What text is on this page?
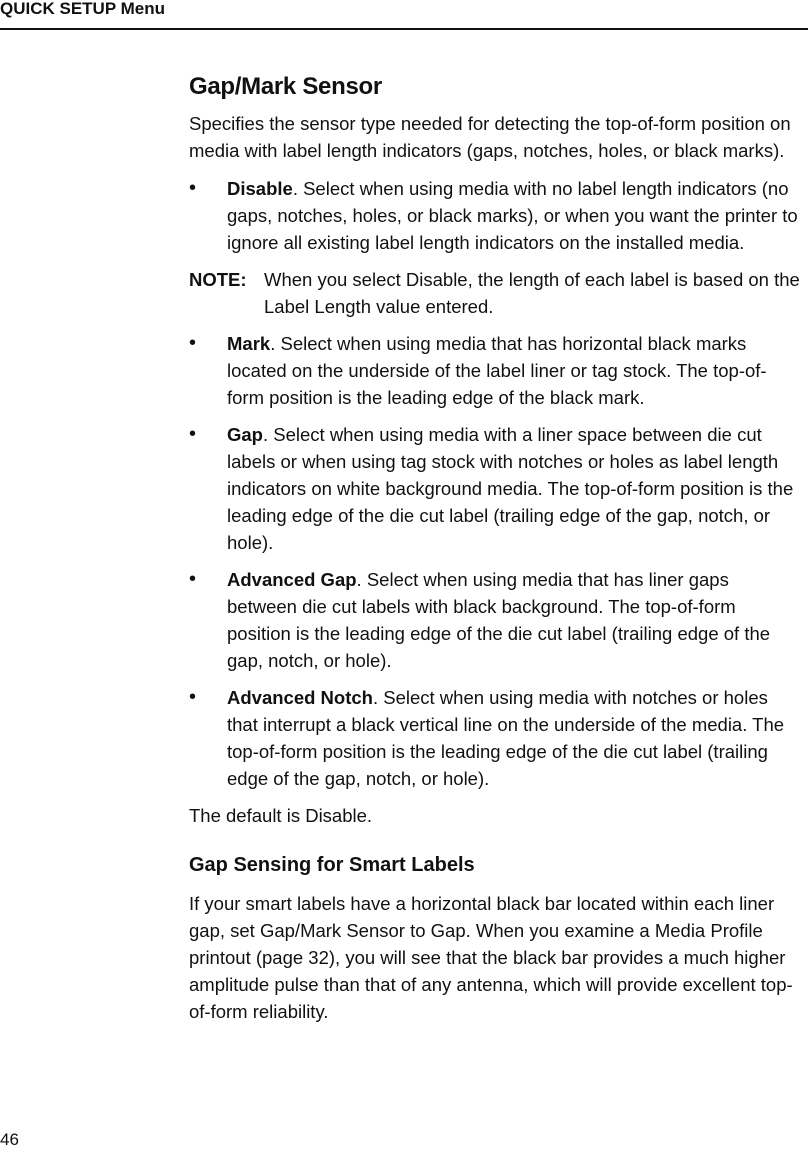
QUICK SETUP Menu
Gap/Mark Sensor

Specifies the sensor type needed for detecting the top-of-form position on media with label length indicators (gaps, notches, holes, or black marks).

• Disable. Select when using media with no label length indicators (no gaps, notches, holes, or black marks), or when you want the printer to ignore all existing label length indicators on the installed media.
NOTE: When you select Disable, the length of each label is based on the Label Length value entered.
• Mark. Select when using media that has horizontal black marks located on the underside of the label liner or tag stock. The top-of-form position is the leading edge of the black mark.
• Gap. Select when using media with a liner space between die cut labels or when using tag stock with notches or holes as label length indicators on white background media. The top-of-form position is the leading edge of the die cut label (trailing edge of the gap, notch, or hole).
• Advanced Gap. Select when using media that has liner gaps between die cut labels with black background. The top-of-form position is the leading edge of the die cut label (trailing edge of the gap, notch, or hole).
• Advanced Notch. Select when using media with notches or holes that interrupt a black vertical line on the underside of the media. The top-of-form position is the leading edge of the die cut label (trailing edge of the gap, notch, or hole).

The default is Disable.

Gap Sensing for Smart Labels

If your smart labels have a horizontal black bar located within each liner gap, set Gap/Mark Sensor to Gap. When you examine a Media Profile printout (page 32), you will see that the black bar provides a much higher amplitude pulse than that of any antenna, which will provide excellent top-of-form reliability.

46
